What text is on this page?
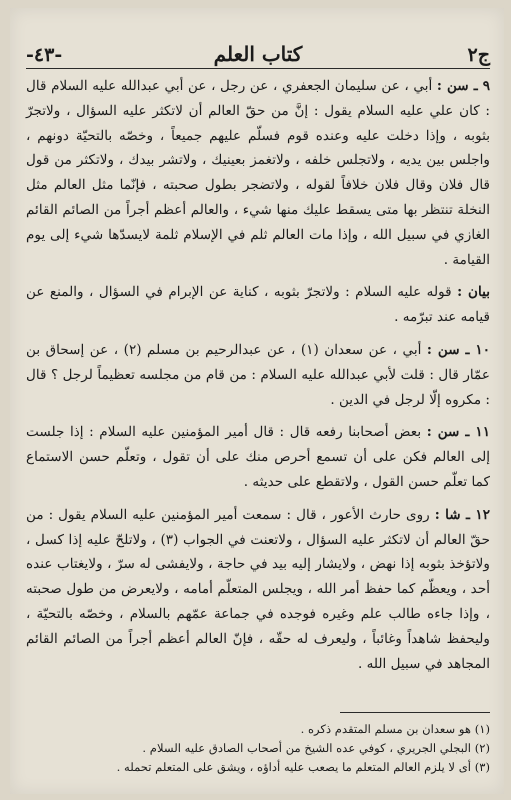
ج٢
كتاب العلم
-٤٣-

٩ ـ سن : أبي ، عن سليمان الجعفري ، عن رجل ، عن أبي عبدالله عليه السلام قال : كان علي عليه السلام يقول : إنَّ من حقّ العالم أن لاتكثر عليه السؤال ، ولاتجرّ بثوبه ، وإذا دخلت عليه وعنده قوم فسلّم عليهم جميعاً ، وخصّه بالتحيّة دونهم ، واجلس بين يديه ، ولاتجلس خلفه ، ولاتغمز بعينيك ، ولاتشر بيدك ، ولاتكثر من قول قال فلان وقال فلان خلافاً لقوله ، ولاتضجر بطول صحبته ، فإنّما مثل العالم مثل النخلة تنتظر بها متى يسقط عليك منها شيء ، والعالم أعظم أجراً من الصائم القائم الغازي في سبيل الله ، وإذا مات العالم ثلم في الإسلام ثلمة لايسدّها شيء إلى يوم القيامة .

بيان : قوله عليه السلام : ولاتجرّ بثوبه ، كناية عن الإبرام في السؤال ، والمنع عن قيامه عند تبرّمه .

١٠ ـ سن : أبي ، عن سعدان (١) ، عن عبدالرحيم بن مسلم (٢) ، عن إسحاق بن عمّار قال : قلت لأبي عبدالله عليه السلام : من قام من مجلسه تعظيماً لرجل ؟ قال : مكروه إلّا لرجل في الدين .

١١ ـ سن : بعض أصحابنا رفعه قال : قال أمير المؤمنين عليه السلام : إذا جلست إلى العالم فكن على أن تسمع أحرص منك على أن تقول ، وتعلّم حسن الاستماع كما تعلّم حسن القول ، ولاتقطع على حديثه .

١٢ ـ شا : روى حارث الأعور ، قال : سمعت أمير المؤمنين عليه السلام يقول : من حقّ العالم أن لاتكثر عليه السؤال ، ولاتعنت في الجواب (٣) ، ولاتلحّ عليه إذا كسل ، ولاتؤخذ بثوبه إذا نهض ، ولايشار إليه بيد في حاجة ، ولايفشى له سرّ ، ولايغتاب عنده أحد ، ويعظّم كما حفظ أمر الله ، ويجلس المتعلّم أمامه ، ولايعرض من طول صحبته ، وإذا جاءه طالب علم وغيره فوجده في جماعة عمّهم بالسلام ، وخصّه بالتحيّة ، وليحفظ شاهداً وغائباً ، وليعرف له حقّه ، فإنّ العالم أعظم أجراً من الصائم القائم المجاهد في سبيل الله .

(١) هو سعدان بن مسلم المتقدم ذكره .
(٢) البجلي الجريري ، كوفي عده الشيخ من أصحاب الصادق عليه السلام .
(٣) أى لا يلزم العالم المتعلم ما يصعب عليه أداؤه ، ويشق على المتعلم تحمله .
